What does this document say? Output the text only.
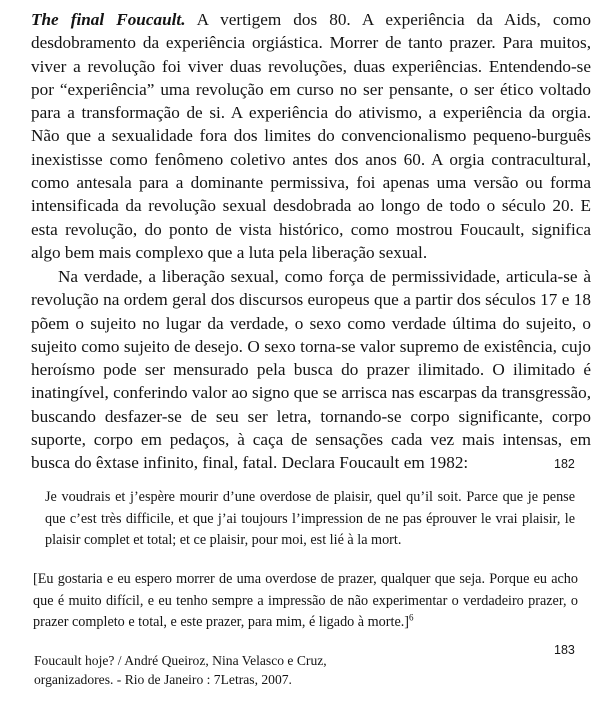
The final Foucault. A vertigem dos 80. A experiência da Aids, como desdobramento da experiência orgiástica. Morrer de tanto prazer. Para muitos, viver a revolução foi viver duas revoluções, duas experiências. Entendendo-se por “experiência” uma revolução em curso no ser pensante, o ser ético voltado para a transformação de si. A experiência do ativismo, a experiência da orgia. Não que a sexualidade fora dos limites do convencionalismo pequeno-burguês inexistisse como fenômeno coletivo antes dos anos 60. A orgia contracultural, como antesala para a dominante permissiva, foi apenas uma versão ou forma intensificada da revolução sexual desdobrada ao longo de todo o século 20. E esta revolução, do ponto de vista histórico, como mostrou Foucault, significa algo bem mais complexo que a luta pela liberação sexual.

Na verdade, a liberação sexual, como força de permissividade, articula-se à revolução na ordem geral dos discursos europeus que a partir dos séculos 17 e 18 põem o sujeito no lugar da verdade, o sexo como verdade última do sujeito, o sujeito como sujeito de desejo. O sexo torna-se valor supremo de existência, cujo heroísmo pode ser mensurado pela busca do prazer ilimitado. O ilimitado é inatingível, conferindo valor ao signo que se arrisca nas escarpas da transgressão, buscando desfazer-se de seu ser letra, tornando-se corpo significante, corpo suporte, corpo em pedaços, à caça de sensações cada vez mais intensas, em busca do êxtase infinito, final, fatal. Declara Foucault em 1982:	182

Je voudrais et j’espère mourir d’une overdose de plaisir, quel qu’il soit. Parce que je pense que c’est très difficile, et que j’ai toujours l’impression de ne pas éprouver le vrai plaisir, le plaisir complet et total; et ce plaisir, pour moi, est lié à la mort.

[Eu gostaria e eu espero morrer de uma overdose de prazer, qualquer que seja. Porque eu acho que é muito difícil, e eu tenho sempre a impressão de não experimentar o verdadeiro prazer, o prazer completo e total, e este prazer, para mim, é ligado à morte.]$^6$

183
Foucault hoje? / André Queiroz, Nina Velasco e Cruz,
organizadores. - Rio de Janeiro : 7Letras, 2007.
